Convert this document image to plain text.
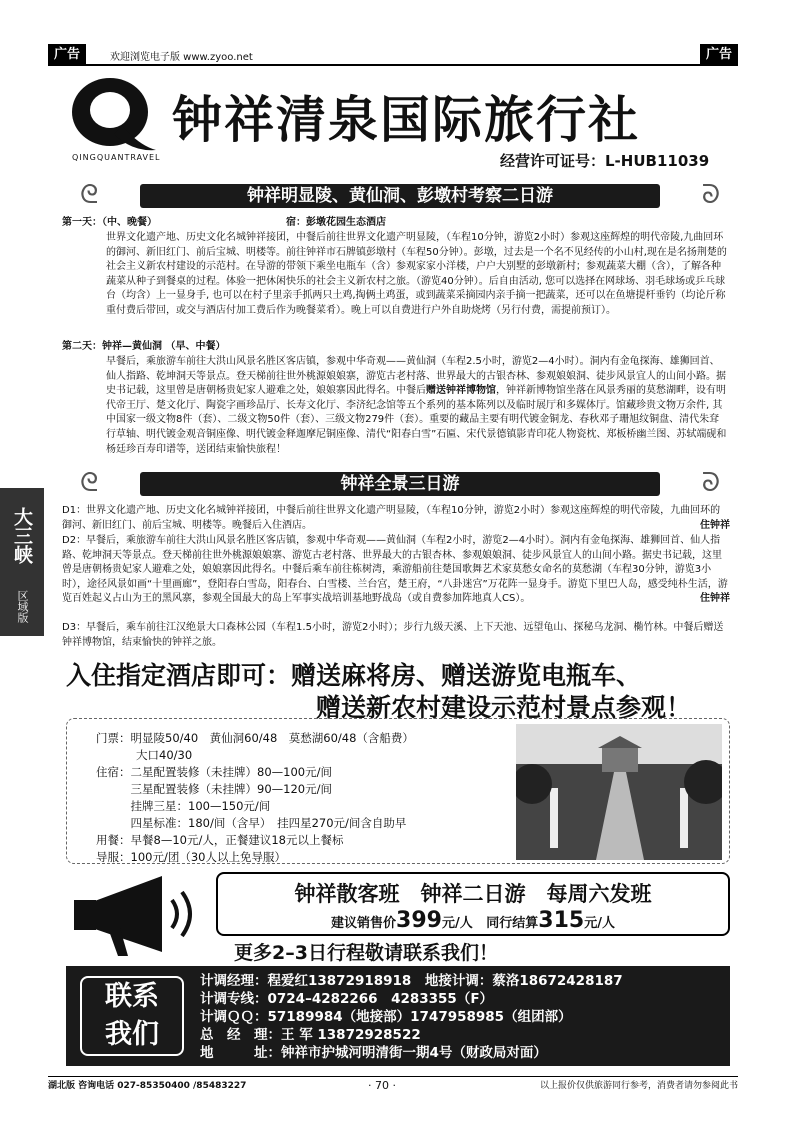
广告	欢迎浏览电子版 www.zyoo.net	广告
QINGQUANTRAVEL
钟祥清泉国际旅行社
经营许可证号：L-HUB11039
ᘓ	钟祥明显陵、黄仙洞、彭墩村考察二日游	ᘐ
第一天：（中、晚餐）	宿：彭墩花园生态酒店
世界文化遗产地、历史文化名城钟祥接团，中餐后前往世界文化遗产明显陵，（车程10分钟，游览2小时）参观这座辉煌的明代帝陵,九曲回环的御河、新旧红门、前后宝城、明楼等。前往钟祥市石牌镇彭墩村（车程50分钟）。彭墩，过去是一个名不见经传的小山村,现在是名扬荆楚的社会主义新农村建设的示范村。在导游的带领下乘坐电瓶车（含）参观家家小洋楼，户户大别墅的彭墩新村；参观蔬菜大棚（含），了解各种蔬菜从种子到餐桌的过程。体验一把休闲快乐的社会主义新农村之旅。（游览40分钟）。后自由活动, 您可以选择在网球场、羽毛球场或乒乓球台（均含）上一显身手, 也可以在村子里亲手抓两只土鸡,掏俩土鸡蛋，或到蔬菜采摘园内亲手摘一把蔬菜，还可以在鱼塘提杆垂钓（均论斤称重付费后带回，或交与酒店付加工费后作为晚餐菜肴）。晚上可以自费进行户外自助烧烤（另行付费，需提前预订）。
第二天：钟祥—黄仙洞 （早、中餐）
早餐后，乘旅游车前往大洪山风景名胜区客店镇，参观中华奇观——黄仙洞（车程2.5小时，游览2—4小时）。洞内有金龟探海、雄狮回首、仙人指路、乾坤洞天等景点。登天梯前往世外桃源娘娘寨，游览古老村落、世界最大的古银杏林、参观娘娘洞、徒步风景宜人的山间小路。据史书记载，这里曾是唐朝杨贵妃家人避难之处，娘娘寨因此得名。中餐后赠送钟祥博物馆，钟祥新博物馆坐落在风景秀丽的莫愁湖畔，设有明代帝王厅、楚文化厅、陶瓷字画珍品厅、长寿文化厅、李济纪念馆等五个系列的基本陈列以及临时展厅和多媒体厅。馆藏珍贵文物万余件, 其中国家一级文物8件（套）、二级文物50件（套）、三级文物279件（套）。重要的藏品主要有明代镀金铜龙、春秋邓子珊旭纹铜盘、清代朱耷行草轴、明代镀金观音铜座像、明代镀金释迦摩尼铜座像、清代“阳春白雪”石匾、宋代景德镇影青印花人物瓷枕、郑板桥幽兰图、苏轼端砚和杨廷珍百寿印谱等，送团结束愉快旅程！
大三峡
区域版
ᘓ	钟祥全景三日游	ᘐ
D1：世界文化遗产地、历史文化名城钟祥接团，中餐后前往世界文化遗产明显陵，（车程10分钟，游览2小时）参观这座辉煌的明代帝陵，九曲回环的御河、新旧红门、前后宝城、明楼等。晚餐后入住酒店。	住钟祥
D2：早餐后，乘旅游车前往大洪山风景名胜区客店镇，参观中华奇观——黄仙洞（车程2小时，游览2—4小时）。洞内有金龟探海、雄狮回首、仙人指路、乾坤洞天等景点。登天梯前往世外桃源娘娘寨、游览古老村落、世界最大的古银杏林、参观娘娘洞、徒步风景宜人的山间小路。据史书记载，这里曾是唐朝杨贵妃家人避难之处，娘娘寨因此得名。中餐后乘车前往栋树湾，乘游船前往楚国歌舞艺术家莫愁女命名的莫愁湖（车程30分钟，游览3小时），途径风景如画“十里画廊”，登阳春白雪岛，阳春台、白雪楼、兰台宫，楚王府，“八卦迷宫”万花阵一显身手。游览下里巴人岛，感受纯朴生活，游览百姓起义占山为王的黑风寨，参观全国最大的岛上军事实战培训基地野战岛（或自费参加阵地真人CS）。	住钟祥
D3：早餐后，乘车前往江汉绝景大口森林公园（车程1.5小时，游览2小时）；步行九级天溪、上下天池、远望龟山、探秘乌龙洞、椭竹林。中餐后赠送钟祥博物馆，结束愉快的钟祥之旅。
入住指定酒店即可：赠送麻将房、赠送游览电瓶车、
赠送新农村建设示范村景点参观！
门票：明显陵50/40　黄仙洞60/48　莫愁湖60/48（含船费）
大口40/30
住宿： 二星配置装修（未挂牌）80—100元/间
三星配置装修（未挂牌）90—120元/间
挂牌三星：100—150元/间
四星标准：180/间（含早）　挂四星270元/间含自助早
用餐：早餐8—10元/人，正餐建议18元以上餐标
导服：100元/团（30人以上免导服）
钟祥散客班　钟祥二日游　每周六发班
建议销售价399元/人 同行结算315元/人
更多2–3日行程敬请联系我们！
联系
我们
计调经理：程爱红13872918918　地接计调：蔡洛18672428187
计调专线：0724–4282266　4283355（F）
计调ＱＱ：57189984（地接部）1747958985（组团部）
总　经　理：王 军 13872928522
地　　　址：钟祥市护城河明清街一期4号（财政局对面）
湖北版 咨询电话 027-85350400 /85483227	· 70 ·	以上报价仅供旅游同行参考，消费者请勿参阅此书
